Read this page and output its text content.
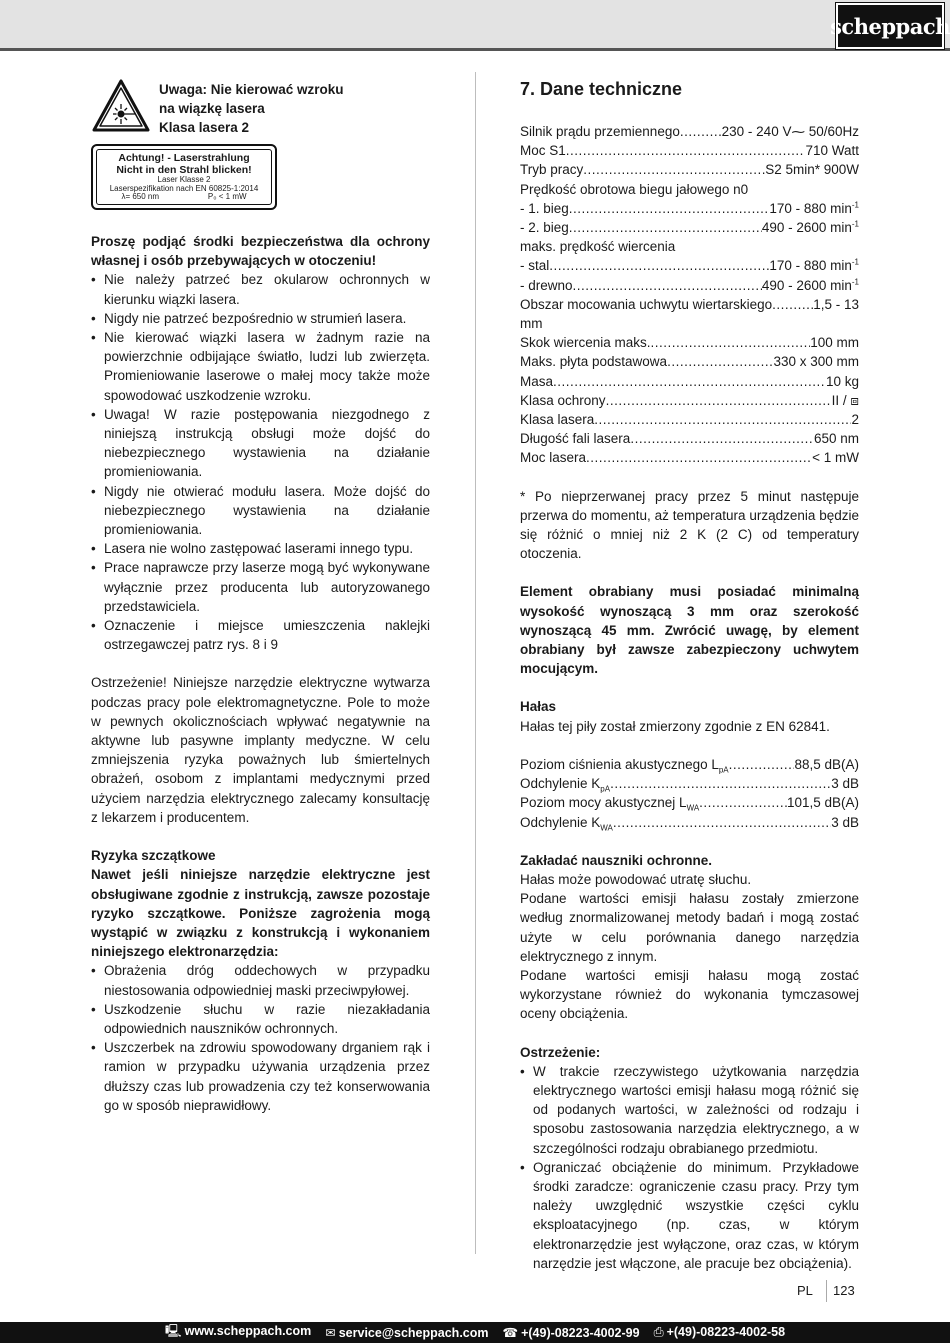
scheppach
Uwaga: Nie kierować wzroku
na wiązkę lasera
Klasa lasera 2
Achtung! - Laserstrahlung
Nicht in den Strahl blicken!
Laser Klasse 2
Laserspezifikation nach EN 60825-1:2014
λ= 650 nm	P₀ < 1 mW

Proszę podjąć środki bezpieczeństwa dla ochrony własnej i osób przebywających w otoczeniu!

• Nie należy patrzeć bez okularow ochronnych w kierunku wiązki lasera.
• Nigdy nie patrzeć bezpośrednio w strumień lasera.
• Nie kierować wiązki lasera w żadnym razie na powierzchnie odbijające światło, ludzi lub zwierzęta. Promieniowanie laserowe o małej mocy także może spowodować uszkodzenie wzroku.
• Uwaga! W razie postępowania niezgodnego z niniejszą instrukcją obsługi może dojść do niebezpiecznego wystawienia na działanie promieniowania.
• Nigdy nie otwierać modułu lasera. Może dojść do niebezpiecznego wystawienia na działanie promieniowania.
• Lasera nie wolno zastępować laserami innego typu.
• Prace naprawcze przy laserze mogą być wykonywane wyłącznie przez producenta lub autoryzowanego przedstawiciela.
• Oznaczenie i miejsce umieszczenia naklejki ostrzegawczej patrz rys. 8 i 9

Ostrzeżenie! Niniejsze narzędzie elektryczne wytwarza podczas pracy pole elektromagnetyczne. Pole to może w pewnych okolicznościach wpływać negatywnie na aktywne lub pasywne implanty medyczne. W celu zmniejszenia ryzyka poważnych lub śmiertelnych obrażeń, osobom z implantami medycznymi przed użyciem narzędzia elektrycznego zalecamy konsultację z lekarzem i producentem.

Ryzyka szczątkowe

Nawet jeśli niniejsze narzędzie elektryczne jest obsługiwane zgodnie z instrukcją, zawsze pozostaje ryzyko szczątkowe. Poniższe zagrożenia mogą wystąpić w związku z konstrukcją i wykonaniem niniejszego elektronarzędzia:

• Obrażenia dróg oddechowych w przypadku niestosowania odpowiedniej maski przeciwpyłowej.
• Uszkodzenie słuchu w razie niezakładania odpowiednich nauszników ochronnych.
• Uszczerbek na zdrowiu spowodowany drganiem rąk i ramion w przypadku używania urządzenia przez dłuższy czas lub prowadzenia czy też konserwowania go w sposób nieprawidłowy.
7. Dane techniczne
Silnik prądu przemiennego .....	230 - 240 V⁓ 50/60Hz
Moc S1 .....	710 Watt
Tryb pracy .....	S2 5min* 900W
Prędkość obrotowa biegu jałowego n0
- 1. bieg .....	170 - 880 $\min^{-1}$
- 2. bieg .....	490 - 2600 $\min^{-1}$
maks. prędkość wiercenia
- stal .....	170 - 880 $\min^{-1}$
- drewno .....	490 - 2600 $\min^{-1}$
Obszar mocowania uchwytu wiertarskiego .....	1,5 - 13
mm
Skok wiercenia maks. .....	100 mm
Maks. płyta podstawowa .....	330 x 300 mm
Masa .....	10 kg
Klasa ochrony .....	II / ⧈
Klasa lasera .....	2
Długość fali lasera .....	650 nm
Moc lasera .....	< 1 mW

* Po nieprzerwanej pracy przez 5 minut następuje przerwa do momentu, aż temperatura urządzenia będzie się różnić o mniej niż 2 K (2 C) od temperatury otoczenia.

Element obrabiany musi posiadać minimalną wysokość wynoszącą 3 mm oraz szerokość wynoszącą 45 mm. Zwrócić uwagę, by element obrabiany był zawsze zabezpieczony uchwytem mocującym.

Hałas

Hałas tej piły został zmierzony zgodnie z EN 62841.

Poziom ciśnienia akustycznego $L_{pA}$ .....	88,5 dB(A)
Odchylenie $K_{pA}$ .....	3 dB
Poziom mocy akustycznej $L_{WA}$ .....	101,5 dB(A)
Odchylenie $K_{WA}$ .....	3 dB

Zakładać nauszniki ochronne.

Hałas może powodować utratę słuchu.

Podane wartości emisji hałasu zostały zmierzone według znormalizowanej metody badań i mogą zostać użyte w celu porównania danego narzędzia elektrycznego z innym.

Podane wartości emisji hałasu mogą zostać wykorzystane również do wykonania tymczasowej oceny obciążenia.

Ostrzeżenie:

• W trakcie rzeczywistego użytkowania narzędzia elektrycznego wartości emisji hałasu mogą różnić się od podanych wartości, w zależności od rodzaju i sposobu zastosowania narzędzia elektrycznego, a w szczególności rodzaju obrabianego przedmiotu.
• Ograniczać obciążenie do minimum. Przykładowe środki zaradcze: ograniczenie czasu pracy. Przy tym należy uwzględnić wszystkie części cyklu eksploatacyjnego (np. czas, w którym elektronarzędzie jest wyłączone, oraz czas, w którym narzędzie jest włączone, ale pracuje bez obciążenia).
PL 123
🖳 www.scheppach.com ✉ service@scheppach.com ☎ +(49)-08223-4002-99 ⎙ +(49)-08223-4002-58
